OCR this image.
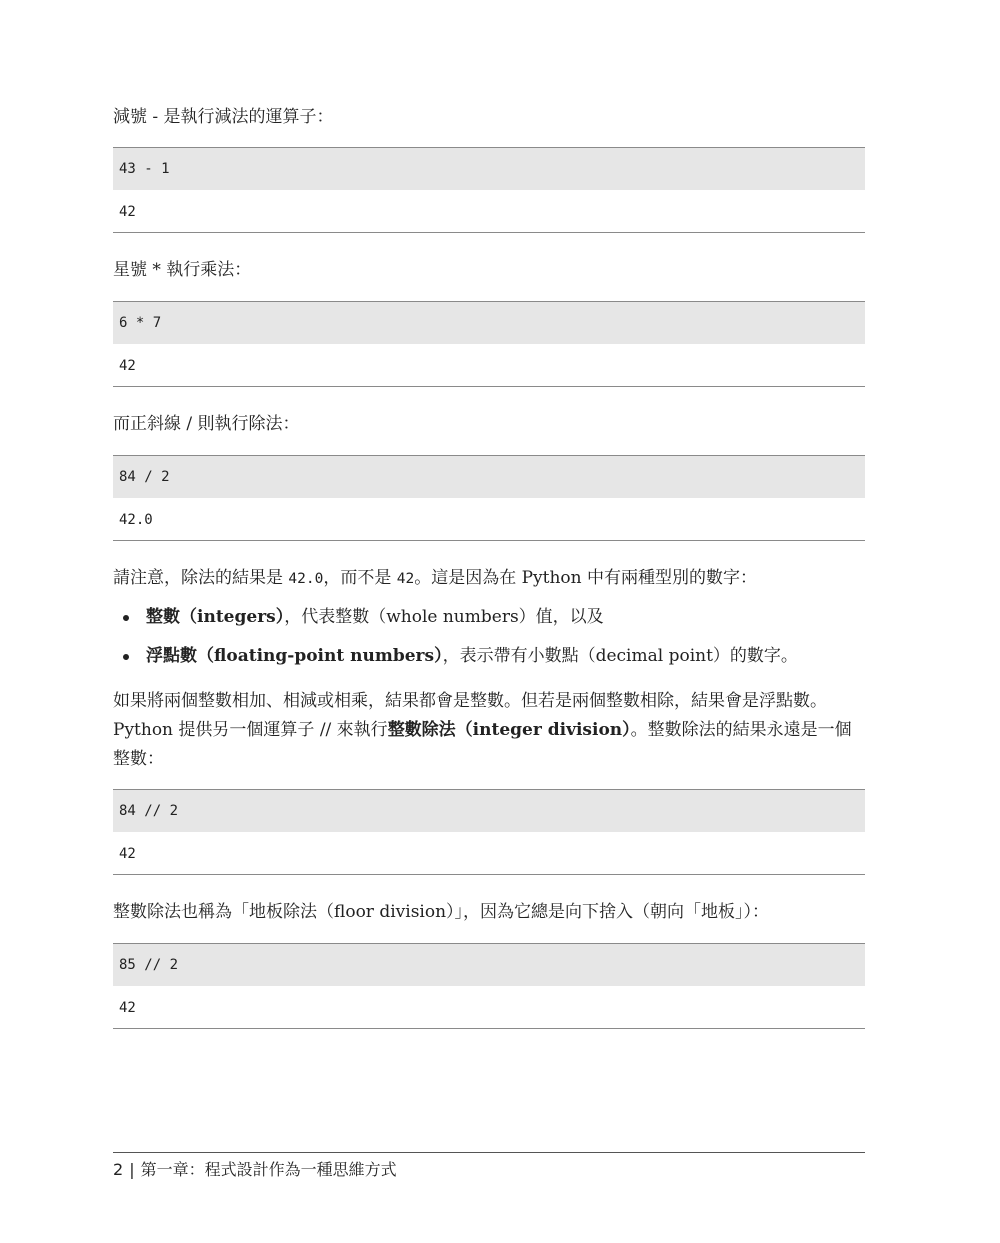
減號 - 是執行減法的運算子：

43 - 1
42

星號 * 執行乘法：

6 * 7
42

而正斜線 / 則執行除法：

84 / 2
42.0

請注意，除法的結果是 42.0，而不是 42。這是因為在 Python 中有兩種型別的數字：

整數（integers），代表整數（whole numbers）值，以及
浮點數（floating-point numbers），表示帶有小數點（decimal point）的數字。

如果將兩個整數相加、相減或相乘，結果都會是整數。但若是兩個整數相除，結果會是浮點數。Python 提供另一個運算子 // 來執行整數除法（integer division）。整數除法的結果永遠是一個整數：

84 // 2
42

整數除法也稱為「地板除法（floor division）」，因為它總是向下捨入（朝向「地板」）：

85 // 2
42
2 | 第一章：程式設計作為一種思維方式
